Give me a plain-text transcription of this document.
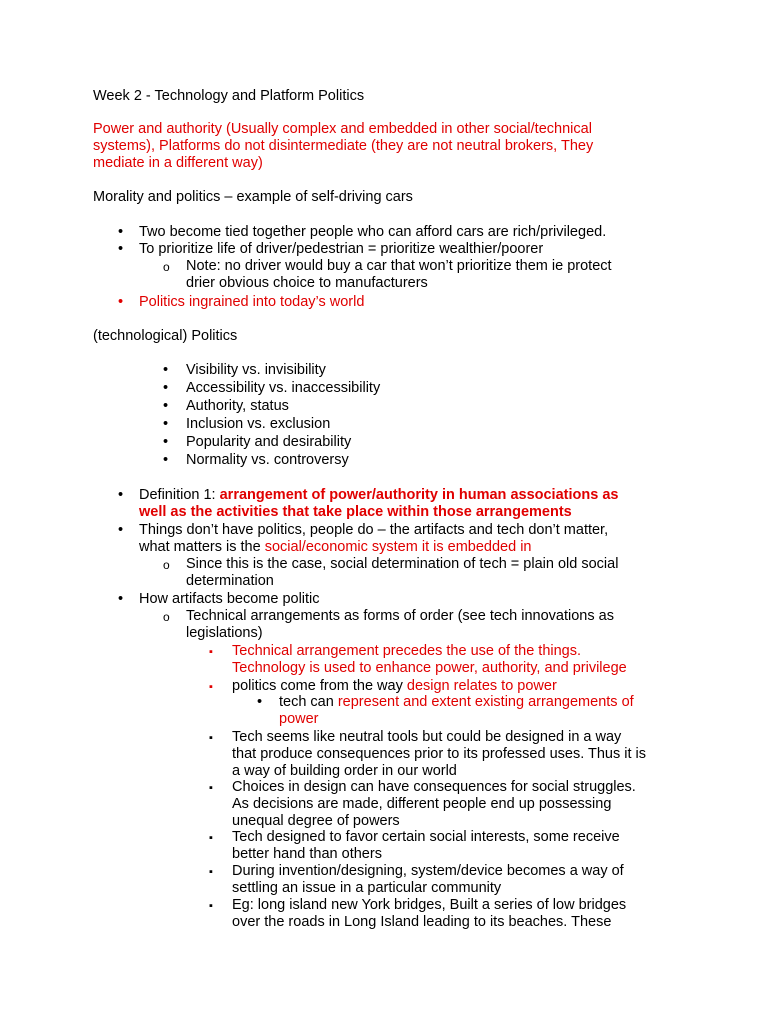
Week 2 - Technology and Platform Politics
Power and authority (Usually complex and embedded in other social/technical
systems), Platforms do not disintermediate (they are not neutral brokers, They
mediate in a different way)
Morality and politics – example of self-driving cars
•
Two become tied together people who can afford cars are rich/privileged.
•
To prioritize life of driver/pedestrian = prioritize wealthier/poorer
o
Note: no driver would buy a car that won’t prioritize them ie protect
drier obvious choice to manufacturers
•
Politics ingrained into today’s world
(technological) Politics
•
Visibility vs. invisibility
•
Accessibility vs. inaccessibility
•
Authority, status
•
Inclusion vs. exclusion
•
Popularity and desirability
•
Normality vs. controversy
•
Definition 1: arrangement of power/authority in human associations as
well as the activities that take place within those arrangements
•
Things don’t have politics, people do – the artifacts and tech don’t matter,
what matters is the social/economic system it is embedded in
o
Since this is the case, social determination of tech = plain old social
determination
•
How artifacts become politic
o
Technical arrangements as forms of order (see tech innovations as
legislations)
▪
Technical arrangement precedes the use of the things.
Technology is used to enhance power, authority, and privilege
▪
politics come from the way design relates to power
•
tech can represent and extent existing arrangements of
power
▪
Tech seems like neutral tools but could be designed in a way
that produce consequences prior to its professed uses. Thus it is
a way of building order in our world
▪
Choices in design can have consequences for social struggles.
As decisions are made, different people end up possessing
unequal degree of powers
▪
Tech designed to favor certain social interests, some receive
better hand than others
▪
During invention/designing, system/device becomes a way of
settling an issue in a particular community
▪
Eg: long island new York bridges, Built a series of low bridges
over the roads in Long Island leading to its beaches. These
